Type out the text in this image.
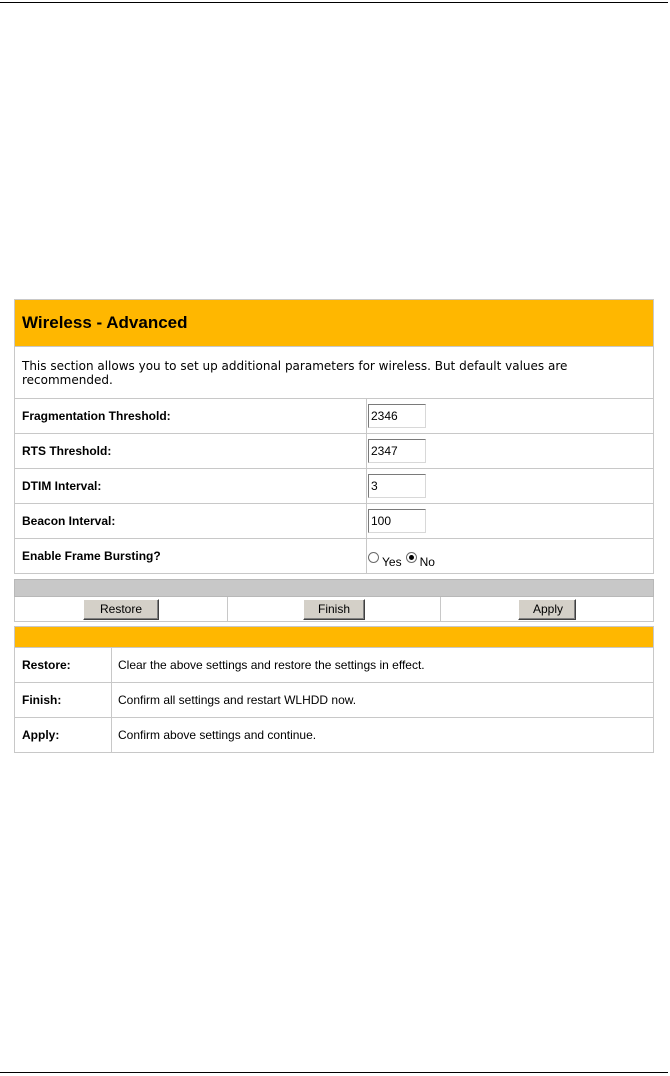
Wireless - Advanced
This section allows you to set up additional parameters for wireless. But default values are recommended.
Fragmentation Threshold:
2346
RTS Threshold:
2347
DTIM Interval:
3
Beacon Interval:
100
Enable Frame Bursting?	Yes No
Restore	Finish	Apply
Restore:	Clear the above settings and restore the settings in effect.
Finish:	Confirm all settings and restart WLHDD now.
Apply:	Confirm above settings and continue.
